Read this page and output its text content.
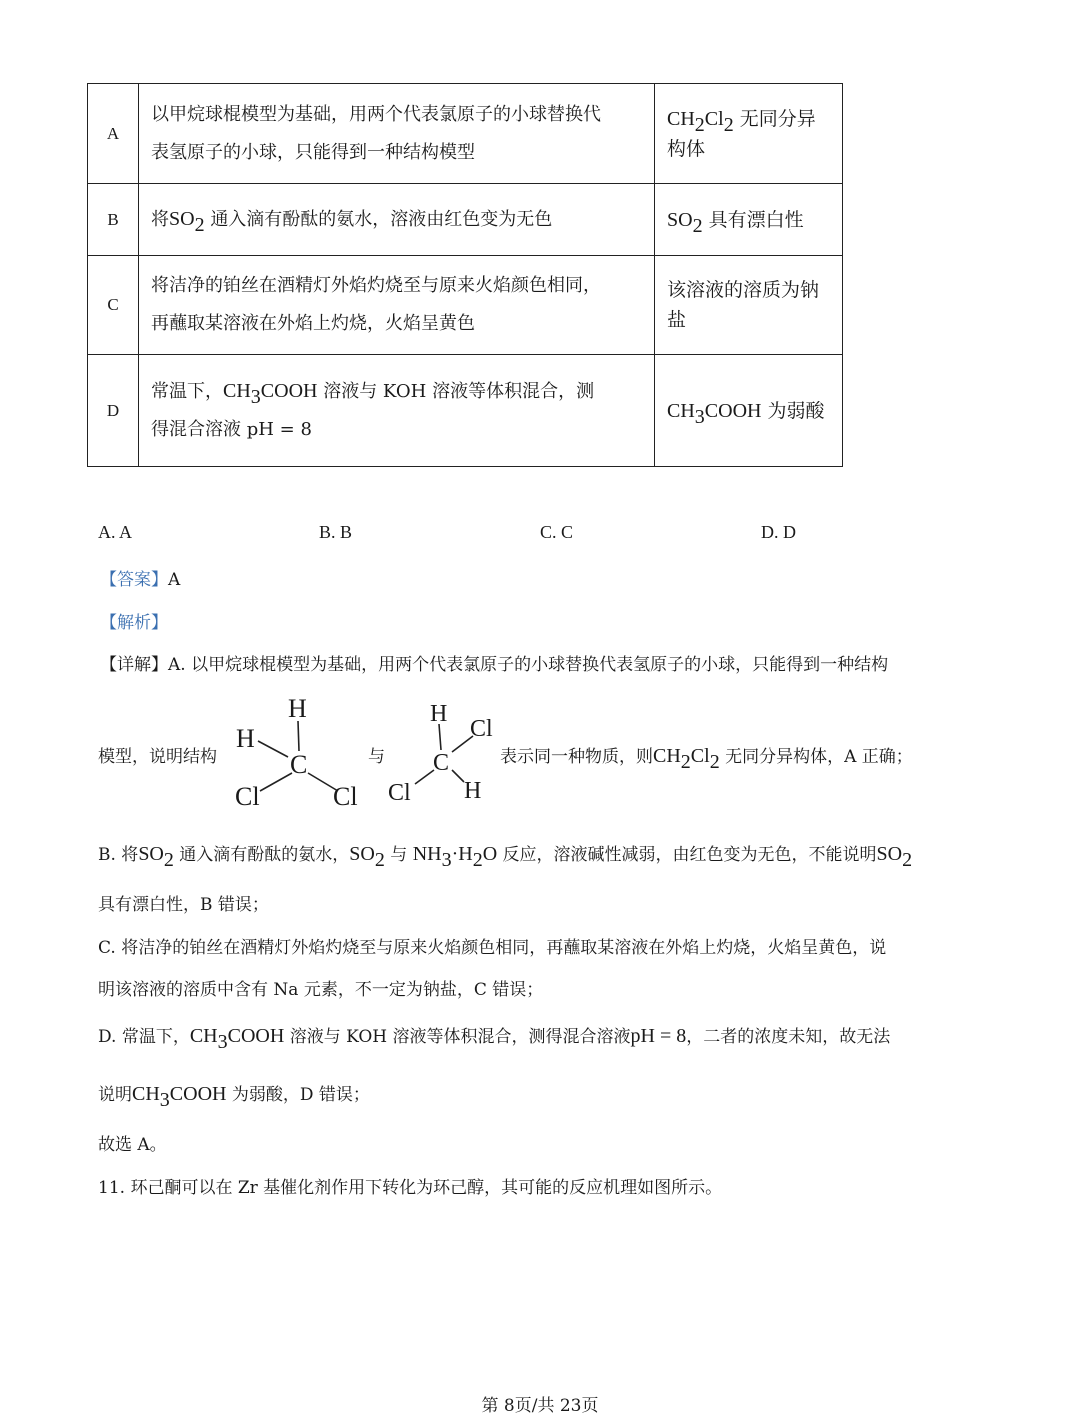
A	以甲烷球棍模型为基础，用两个代表氯原子的小球替换代
表氢原子的小球，只能得到一种结构模型	$CH_2Cl_2$ 无同分异构体
B	将$SO_2$ 通入滴有酚酞的氨水，溶液由红色变为无色	$SO_2$ 具有漂白性
C	将洁净的铂丝在酒精灯外焰灼烧至与原来火焰颜色相同，
再蘸取某溶液在外焰上灼烧，火焰呈黄色	该溶液的溶质为钠盐
D	常温下，$CH_3COOH$ 溶液与 KOH 溶液等体积混合，测
得混合溶液 pH = 8	$CH_3COOH$ 为弱酸
A. A	B. B	C. C	D. D
【答案】A
【解析】
【详解】A. 以甲烷球棍模型为基础，用两个代表氯原子的小球替换代表氢原子的小球，只能得到一种结构
模型，说明结构
H
H
C
Cl	Cl
与
H
Cl
C
Cl H
表示同一种物质，则$CH_2Cl_2$ 无同分异构体，A 正确；
B. 将$SO_2$ 通入滴有酚酞的氨水，$SO_2$ 与 $NH_3\cdot H_2O$ 反应，溶液碱性减弱，由红色变为无色，不能说明$SO_2$
具有漂白性，B 错误；
C. 将洁净的铂丝在酒精灯外焰灼烧至与原来火焰颜色相同，再蘸取某溶液在外焰上灼烧，火焰呈黄色，说
明该溶液的溶质中含有 Na 元素，不一定为钠盐，C 错误；
D. 常温下，$CH_3COOH$ 溶液与 KOH 溶液等体积混合，测得混合溶液pH = 8，二者的浓度未知，故无法
说明$CH_3COOH$ 为弱酸，D 错误；
故选 A。
11. 环己酮可以在 Zr 基催化剂作用下转化为环己醇，其可能的反应机理如图所示。
第 8页/共 23页
